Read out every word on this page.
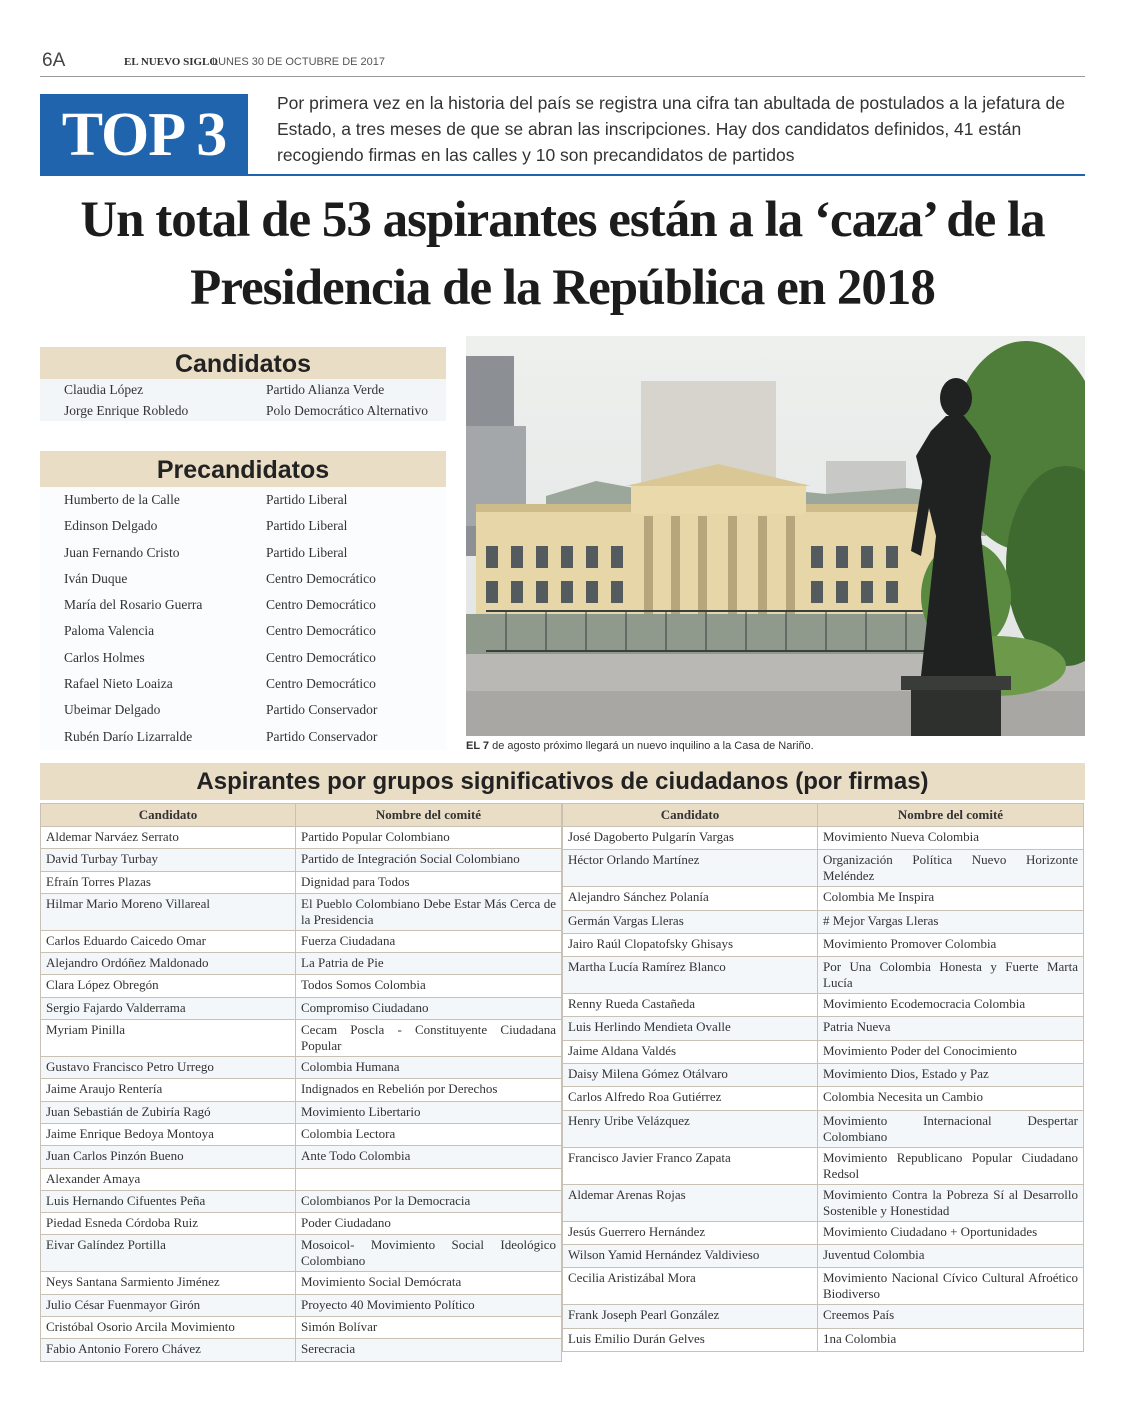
6A	EL NUEVO SIGLO
LUNES 30 DE OCTUBRE DE 2017
TOP 3	Por primera vez en la historia del país se registra una cifra tan abultada de postulados a la jefatura de Estado, a tres meses de que se abran las inscripciones. Hay dos candidatos definidos, 41 están recogiendo firmas en las calles y 10 son precandidatos de partidos
Un total de 53 aspirantes están a la ‘caza’ de la Presidencia de la República en 2018
Candidatos
Claudia López	Partido Alianza Verde
Jorge Enrique Robledo	Polo Democrático Alternativo
Precandidatos
Humberto de la Calle	Partido Liberal
Edinson Delgado	Partido Liberal
Juan Fernando Cristo	Partido Liberal
Iván Duque	Centro Democrático
María del Rosario Guerra	Centro Democrático
Paloma Valencia	Centro Democrático
Carlos Holmes	Centro Democrático
Rafael Nieto Loaiza	Centro Democrático
Ubeimar Delgado	Partido Conservador
Rubén Darío Lizarralde	Partido Conservador
EL 7 de agosto próximo llegará un nuevo inquilino a la Casa de Nariño.
Aspirantes por grupos significativos de ciudadanos (por firmas)
Candidato	Nombre del comité
Aldemar Narváez Serrato	Partido Popular Colombiano
David Turbay Turbay	Partido de Integración Social Colombiano
Efraín Torres Plazas	Dignidad para Todos
Hilmar Mario Moreno Villareal	El Pueblo Colombiano Debe Estar Más Cerca de la Presidencia
Carlos Eduardo Caicedo Omar	Fuerza Ciudadana
Alejandro Ordóñez Maldonado	La Patria de Pie
Clara López Obregón	Todos Somos Colombia
Sergio Fajardo Valderrama	Compromiso Ciudadano
Myriam Pinilla	Cecam Poscla - Constituyente Ciudadana Popular
Gustavo Francisco Petro Urrego	Colombia Humana
Jaime Araujo Rentería	Indignados en Rebelión por Derechos
Juan Sebastián de Zubiría Ragó	Movimiento Libertario
Jaime Enrique Bedoya Montoya	Colombia Lectora
Juan Carlos Pinzón Bueno	Ante Todo Colombia
Alexander Amaya	
Luis Hernando Cifuentes Peña	Colombianos Por la Democracia
Piedad Esneda Córdoba Ruiz	Poder Ciudadano
Eivar Galíndez Portilla	Mosoicol- Movimiento Social Ideológico Colombiano
Neys Santana Sarmiento Jiménez	Movimiento Social Demócrata
Julio César Fuenmayor Girón	Proyecto 40 Movimiento Político
Cristóbal Osorio Arcila Movimiento	Simón Bolívar
Fabio Antonio Forero Chávez	Serecracia
Candidato	Nombre del comité
José Dagoberto Pulgarín Vargas	Movimiento Nueva Colombia
Héctor Orlando Martínez	Organización Política Nuevo Horizonte Meléndez
Alejandro Sánchez Polanía	Colombia Me Inspira
Germán Vargas Lleras	# Mejor Vargas Lleras
Jairo Raúl Clopatofsky Ghisays	Movimiento Promover Colombia
Martha Lucía Ramírez Blanco	Por Una Colombia Honesta y Fuerte Marta Lucía
Renny Rueda Castañeda	Movimiento Ecodemocracia Colombia
Luis Herlindo Mendieta Ovalle	Patria Nueva
Jaime Aldana Valdés	Movimiento Poder del Conocimiento
Daisy Milena Gómez Otálvaro	Movimiento Dios, Estado y Paz
Carlos Alfredo Roa Gutiérrez	Colombia Necesita un Cambio
Henry Uribe Velázquez	Movimiento Internacional Despertar Colombiano
Francisco Javier Franco Zapata	Movimiento Republicano Popular Ciudadano Redsol
Aldemar Arenas Rojas	Movimiento Contra la Pobreza Sí al Desarrollo Sostenible y Honestidad
Jesús Guerrero Hernández	Movimiento Ciudadano + Oportunidades
Wilson Yamid Hernández Valdivieso	Juventud Colombia
Cecilia Aristizábal Mora	Movimiento Nacional Cívico Cultural Afroético Biodiverso
Frank Joseph Pearl González	Creemos País
Luis Emilio Durán Gelves	1na Colombia
